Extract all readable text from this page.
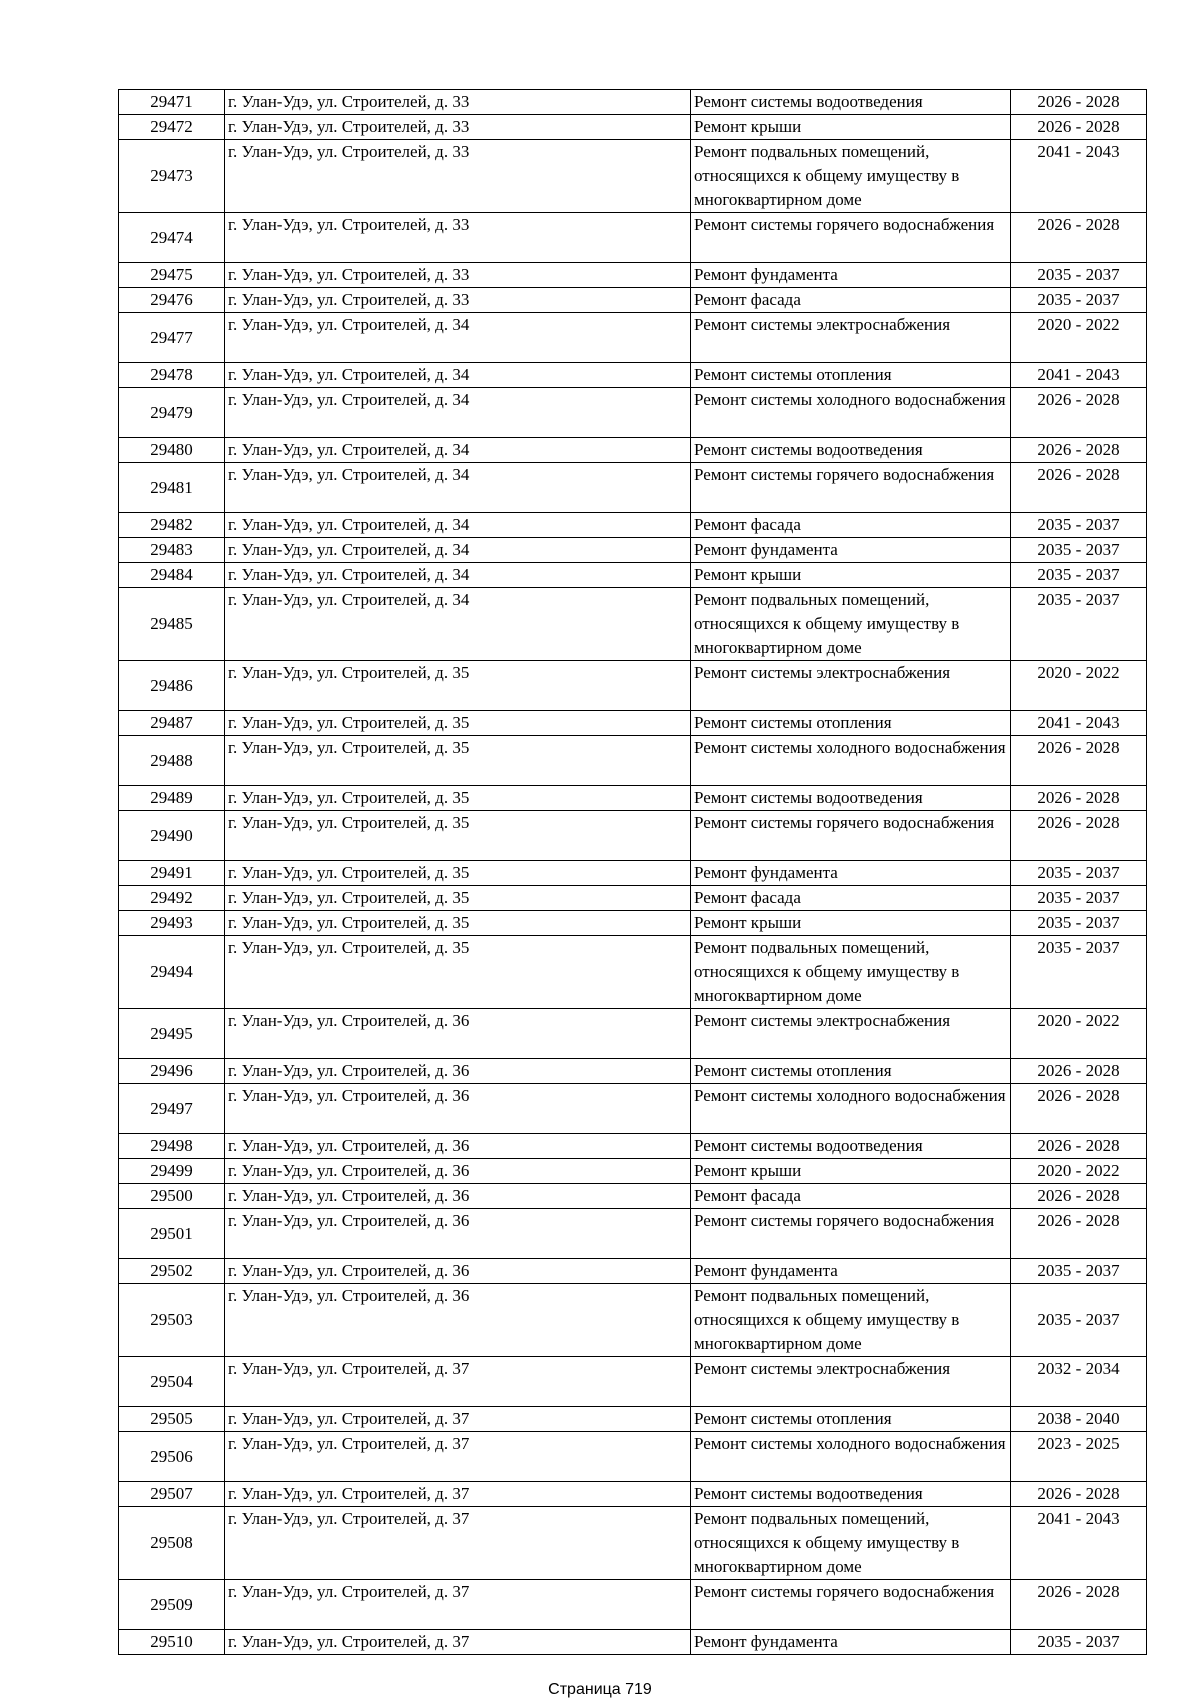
29471	г. Улан-Удэ, ул. Строителей, д. 33	Ремонт системы водоотведения	2026 - 2028
29472	г. Улан-Удэ, ул. Строителей, д. 33	Ремонт крыши	2026 - 2028
29473	г. Улан-Удэ, ул. Строителей, д. 33	Ремонт подвальных помещений, относящихся к общему имуществу в многоквартирном доме	2041 - 2043
29474	г. Улан-Удэ, ул. Строителей, д. 33	Ремонт системы горячего водоснабжения	2026 - 2028
29475	г. Улан-Удэ, ул. Строителей, д. 33	Ремонт фундамента	2035 - 2037
29476	г. Улан-Удэ, ул. Строителей, д. 33	Ремонт фасада	2035 - 2037
29477	г. Улан-Удэ, ул. Строителей, д. 34	Ремонт системы электроснабжения	2020 - 2022
29478	г. Улан-Удэ, ул. Строителей, д. 34	Ремонт системы отопления	2041 - 2043
29479	г. Улан-Удэ, ул. Строителей, д. 34	Ремонт системы холодного водоснабжения	2026 - 2028
29480	г. Улан-Удэ, ул. Строителей, д. 34	Ремонт системы водоотведения	2026 - 2028
29481	г. Улан-Удэ, ул. Строителей, д. 34	Ремонт системы горячего водоснабжения	2026 - 2028
29482	г. Улан-Удэ, ул. Строителей, д. 34	Ремонт фасада	2035 - 2037
29483	г. Улан-Удэ, ул. Строителей, д. 34	Ремонт фундамента	2035 - 2037
29484	г. Улан-Удэ, ул. Строителей, д. 34	Ремонт крыши	2035 - 2037
29485	г. Улан-Удэ, ул. Строителей, д. 34	Ремонт подвальных помещений, относящихся к общему имуществу в многоквартирном доме	2035 - 2037
29486	г. Улан-Удэ, ул. Строителей, д. 35	Ремонт системы электроснабжения	2020 - 2022
29487	г. Улан-Удэ, ул. Строителей, д. 35	Ремонт системы отопления	2041 - 2043
29488	г. Улан-Удэ, ул. Строителей, д. 35	Ремонт системы холодного водоснабжения	2026 - 2028
29489	г. Улан-Удэ, ул. Строителей, д. 35	Ремонт системы водоотведения	2026 - 2028
29490	г. Улан-Удэ, ул. Строителей, д. 35	Ремонт системы горячего водоснабжения	2026 - 2028
29491	г. Улан-Удэ, ул. Строителей, д. 35	Ремонт фундамента	2035 - 2037
29492	г. Улан-Удэ, ул. Строителей, д. 35	Ремонт фасада	2035 - 2037
29493	г. Улан-Удэ, ул. Строителей, д. 35	Ремонт крыши	2035 - 2037
29494	г. Улан-Удэ, ул. Строителей, д. 35	Ремонт подвальных помещений, относящихся к общему имуществу в многоквартирном доме	2035 - 2037
29495	г. Улан-Удэ, ул. Строителей, д. 36	Ремонт системы электроснабжения	2020 - 2022
29496	г. Улан-Удэ, ул. Строителей, д. 36	Ремонт системы отопления	2026 - 2028
29497	г. Улан-Удэ, ул. Строителей, д. 36	Ремонт системы холодного водоснабжения	2026 - 2028
29498	г. Улан-Удэ, ул. Строителей, д. 36	Ремонт системы водоотведения	2026 - 2028
29499	г. Улан-Удэ, ул. Строителей, д. 36	Ремонт крыши	2020 - 2022
29500	г. Улан-Удэ, ул. Строителей, д. 36	Ремонт фасада	2026 - 2028
29501	г. Улан-Удэ, ул. Строителей, д. 36	Ремонт системы горячего водоснабжения	2026 - 2028
29502	г. Улан-Удэ, ул. Строителей, д. 36	Ремонт фундамента	2035 - 2037
29503	г. Улан-Удэ, ул. Строителей, д. 36	Ремонт подвальных помещений, относящихся к общему имуществу в многоквартирном доме	2035 - 2037
29504	г. Улан-Удэ, ул. Строителей, д. 37	Ремонт системы электроснабжения	2032 - 2034
29505	г. Улан-Удэ, ул. Строителей, д. 37	Ремонт системы отопления	2038 - 2040
29506	г. Улан-Удэ, ул. Строителей, д. 37	Ремонт системы холодного водоснабжения	2023 - 2025
29507	г. Улан-Удэ, ул. Строителей, д. 37	Ремонт системы водоотведения	2026 - 2028
29508	г. Улан-Удэ, ул. Строителей, д. 37	Ремонт подвальных помещений, относящихся к общему имуществу в многоквартирном доме	2041 - 2043
29509	г. Улан-Удэ, ул. Строителей, д. 37	Ремонт системы горячего водоснабжения	2026 - 2028
29510	г. Улан-Удэ, ул. Строителей, д. 37	Ремонт фундамента	2035 - 2037
Страница 719
